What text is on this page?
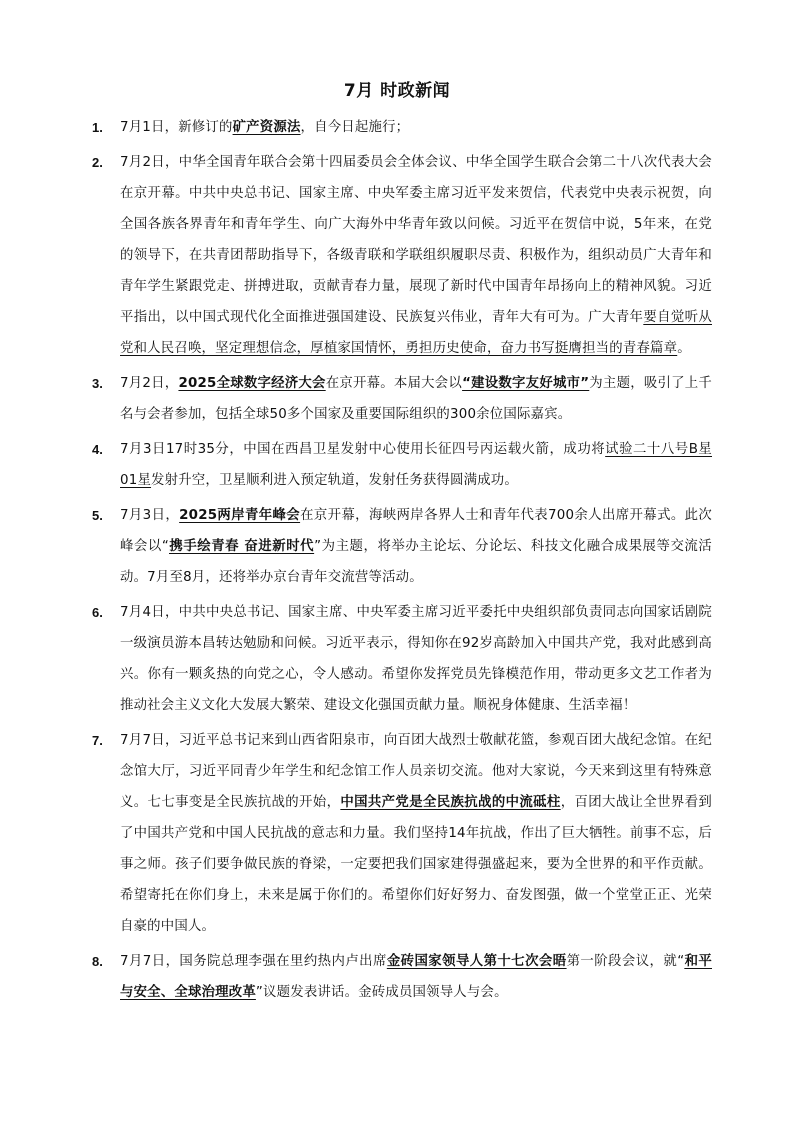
7月 时政新闻
1. 7月1日，新修订的矿产资源法，自今日起施行；
2. 7月2日，中华全国青年联合会第十四届委员会全体会议、中华全国学生联合会第二十八次代表大会在京开幕。中共中央总书记、国家主席、中央军委主席习近平发来贺信，代表党中央表示祝贺，向全国各族各界青年和青年学生、向广大海外中华青年致以问候。习近平在贺信中说，5年来，在党的领导下，在共青团帮助指导下，各级青联和学联组织履职尽责、积极作为，组织动员广大青年和青年学生紧跟党走、拼搏进取，贡献青春力量，展现了新时代中国青年昂扬向上的精神风貌。习近平指出，以中国式现代化全面推进强国建设、民族复兴伟业，青年大有可为。广大青年要自觉听从党和人民召唤，坚定理想信念，厚植家国情怀，勇担历史使命，奋力书写挺膺担当的青春篇章。
3. 7月2日，2025全球数字经济大会在京开幕。本届大会以“建设数字友好城市”为主题，吸引了上千名与会者参加，包括全球50多个国家及重要国际组织的300余位国际嘉宾。
4. 7月3日17时35分，中国在西昌卫星发射中心使用长征四号丙运载火箭，成功将试验二十八号B星01星发射升空，卫星顺利进入预定轨道，发射任务获得圆满成功。
5. 7月3日，2025两岸青年峰会在京开幕，海峡两岸各界人士和青年代表700余人出席开幕式。此次峰会以“携手绘青春 奋进新时代”为主题，将举办主论坛、分论坛、科技文化融合成果展等交流活动。7月至8月，还将举办京台青年交流营等活动。
6. 7月4日，中共中央总书记、国家主席、中央军委主席习近平委托中央组织部负责同志向国家话剧院一级演员游本昌转达勉励和问候。习近平表示，得知你在92岁高龄加入中国共产党，我对此感到高兴。你有一颗炙热的向党之心，令人感动。希望你发挥党员先锋模范作用，带动更多文艺工作者为推动社会主义文化大发展大繁荣、建设文化强国贡献力量。顺祝身体健康、生活幸福！
7. 7月7日，习近平总书记来到山西省阳泉市，向百团大战烈士敬献花篮，参观百团大战纪念馆。在纪念馆大厅，习近平同青少年学生和纪念馆工作人员亲切交流。他对大家说，今天来到这里有特殊意义。七七事变是全民族抗战的开始，中国共产党是全民族抗战的中流砥柱，百团大战让全世界看到了中国共产党和中国人民抗战的意志和力量。我们坚持14年抗战，作出了巨大牺牲。前事不忘，后事之师。孩子们要争做民族的脊梁，一定要把我们国家建得强盛起来，要为全世界的和平作贡献。希望寄托在你们身上，未来是属于你们的。希望你们好好努力、奋发图强，做一个堂堂正正、光荣自豪的中国人。
8. 7月7日，国务院总理李强在里约热内卢出席金砖国家领导人第十七次会晤第一阶段会议，就“和平与安全、全球治理改革”议题发表讲话。金砖成员国领导人与会。
